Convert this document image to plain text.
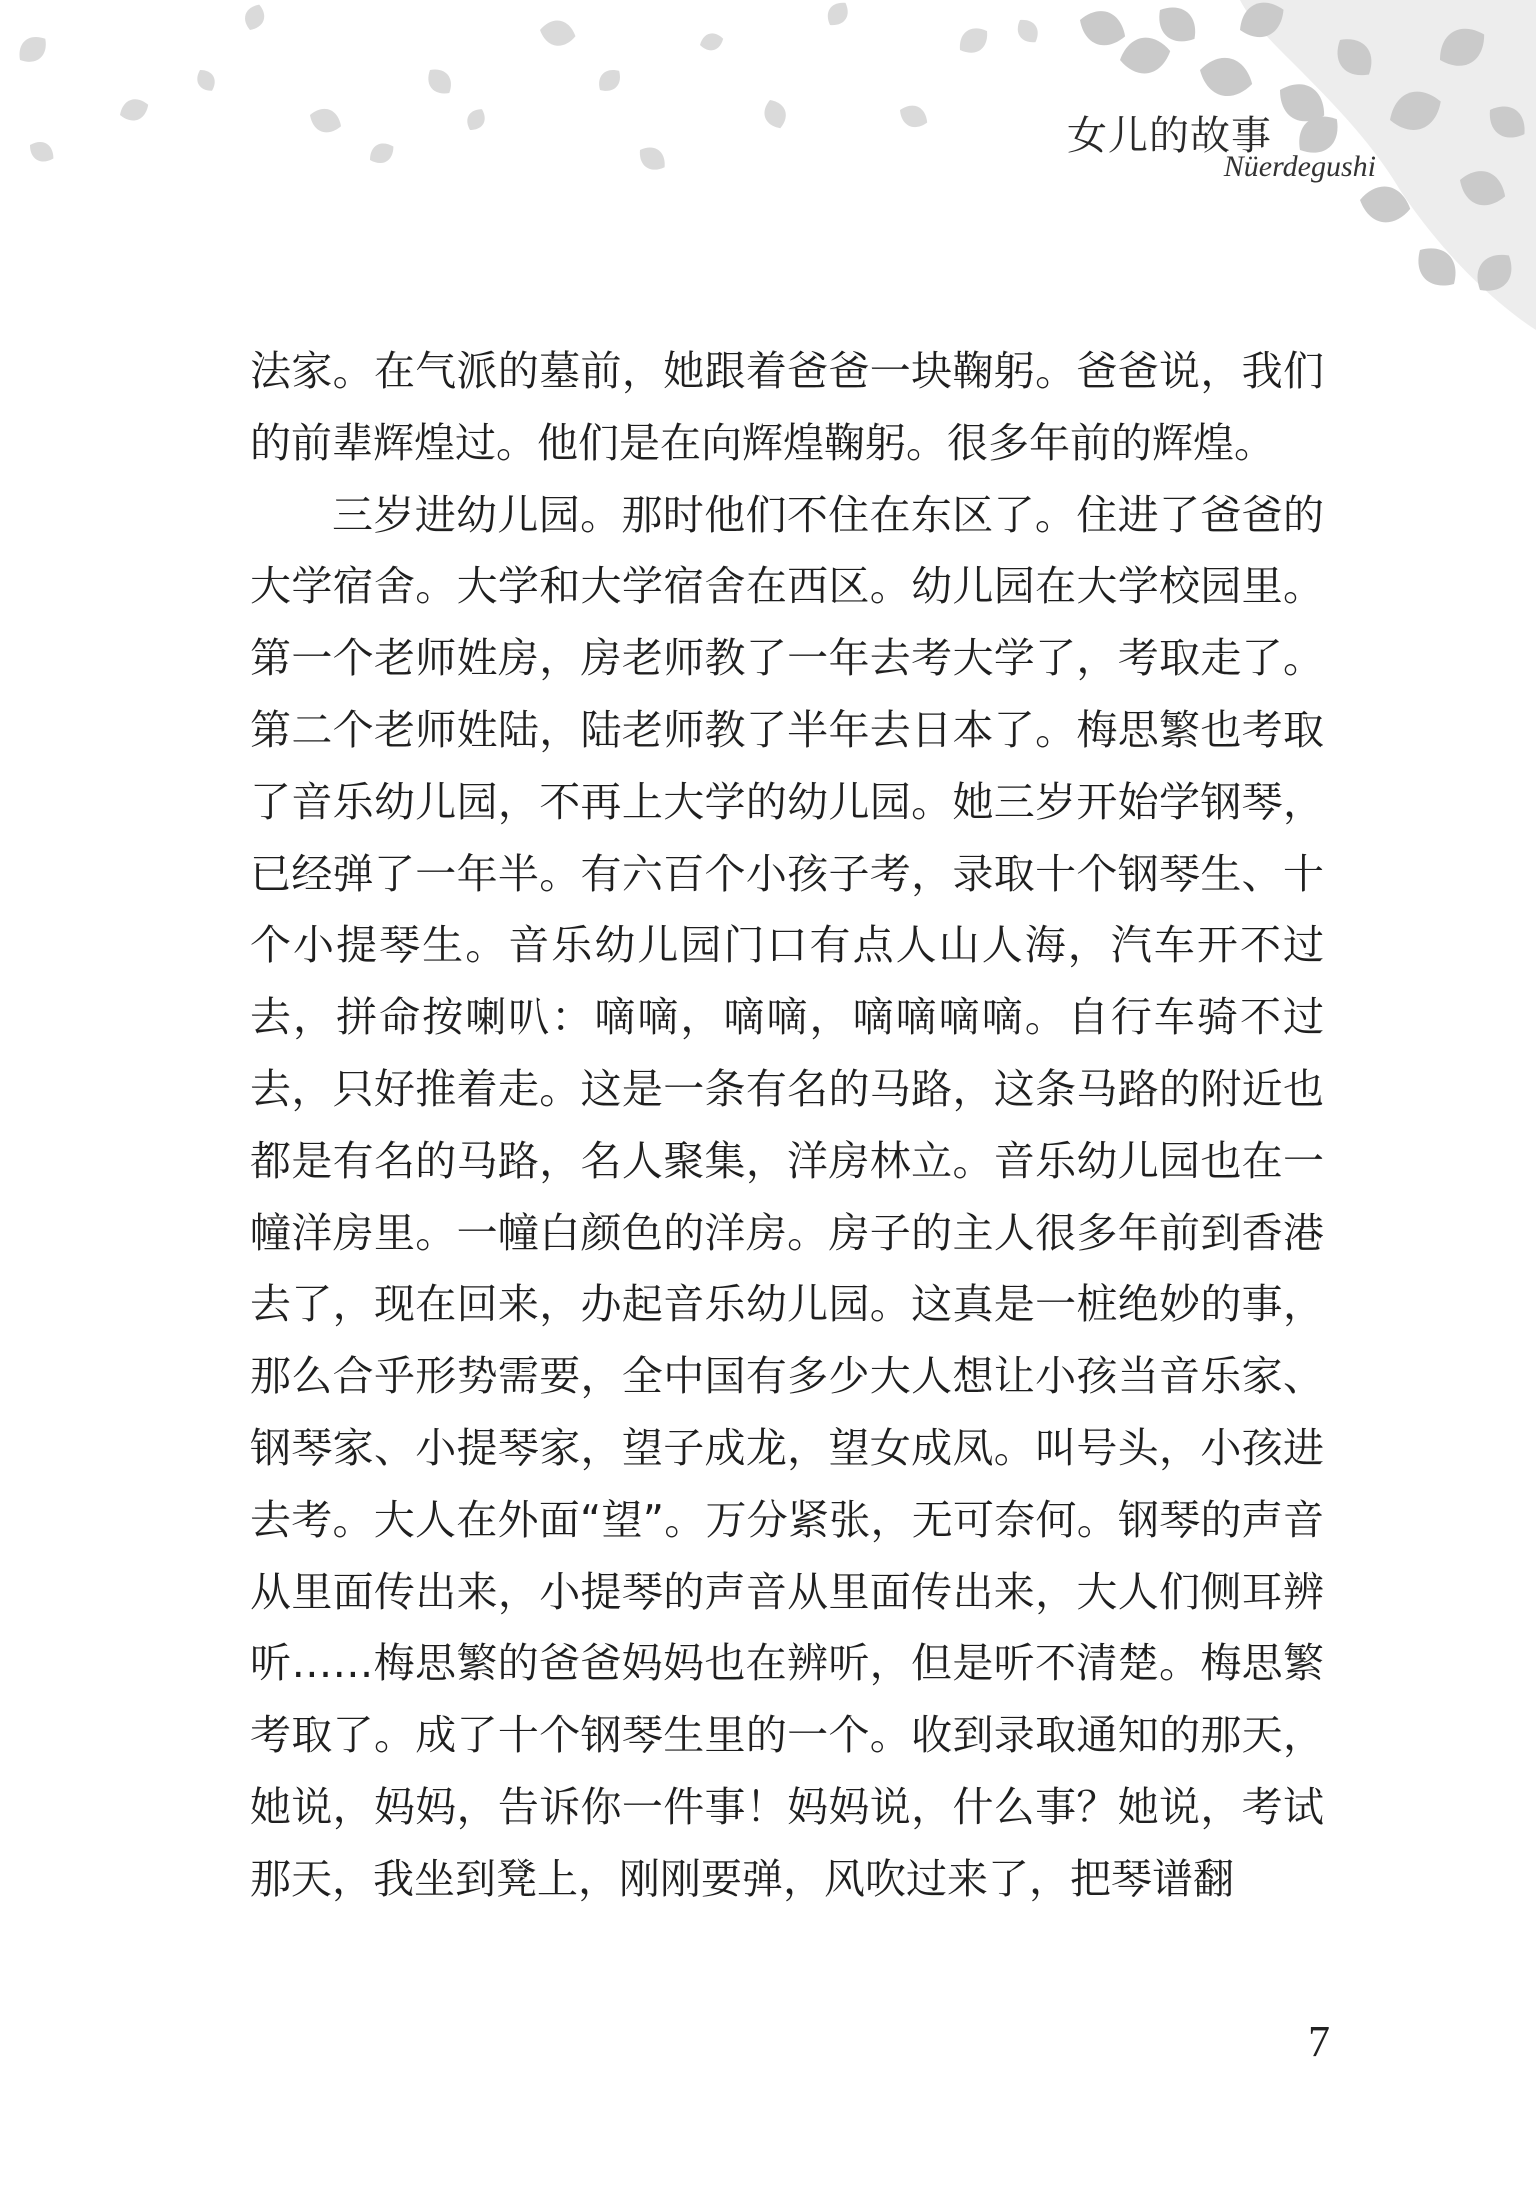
女儿的故事
Nüerdegushi

法家。在气派的墓前，她跟着爸爸一块鞠躬。爸爸说，我们的前辈辉煌过。他们是在向辉煌鞠躬。很多年前的辉煌。

三岁进幼儿园。那时他们不住在东区了。住进了爸爸的大学宿舍。大学和大学宿舍在西区。幼儿园在大学校园里。第一个老师姓房，房老师教了一年去考大学了，考取走了。第二个老师姓陆，陆老师教了半年去日本了。梅思繁也考取了音乐幼儿园，不再上大学的幼儿园。她三岁开始学钢琴，已经弹了一年半。有六百个小孩子考，录取十个钢琴生、十个小提琴生。音乐幼儿园门口有点人山人海，汽车开不过去，拼命按喇叭：嘀嘀，嘀嘀，嘀嘀嘀嘀。自行车骑不过去，只好推着走。这是一条有名的马路，这条马路的附近也都是有名的马路，名人聚集，洋房林立。音乐幼儿园也在一幢洋房里。一幢白颜色的洋房。房子的主人很多年前到香港去了，现在回来，办起音乐幼儿园。这真是一桩绝妙的事，那么合乎形势需要，全中国有多少大人想让小孩当音乐家、钢琴家、小提琴家，望子成龙，望女成凤。叫号头，小孩进去考。大人在外面“望”。万分紧张，无可奈何。钢琴的声音从里面传出来，小提琴的声音从里面传出来，大人们侧耳辨听……梅思繁的爸爸妈妈也在辨听，但是听不清楚。梅思繁考取了。成了十个钢琴生里的一个。收到录取通知的那天，她说，妈妈，告诉你一件事！妈妈说，什么事？她说，考试那天，我坐到凳上，刚刚要弹，风吹过来了，把琴谱翻

7
